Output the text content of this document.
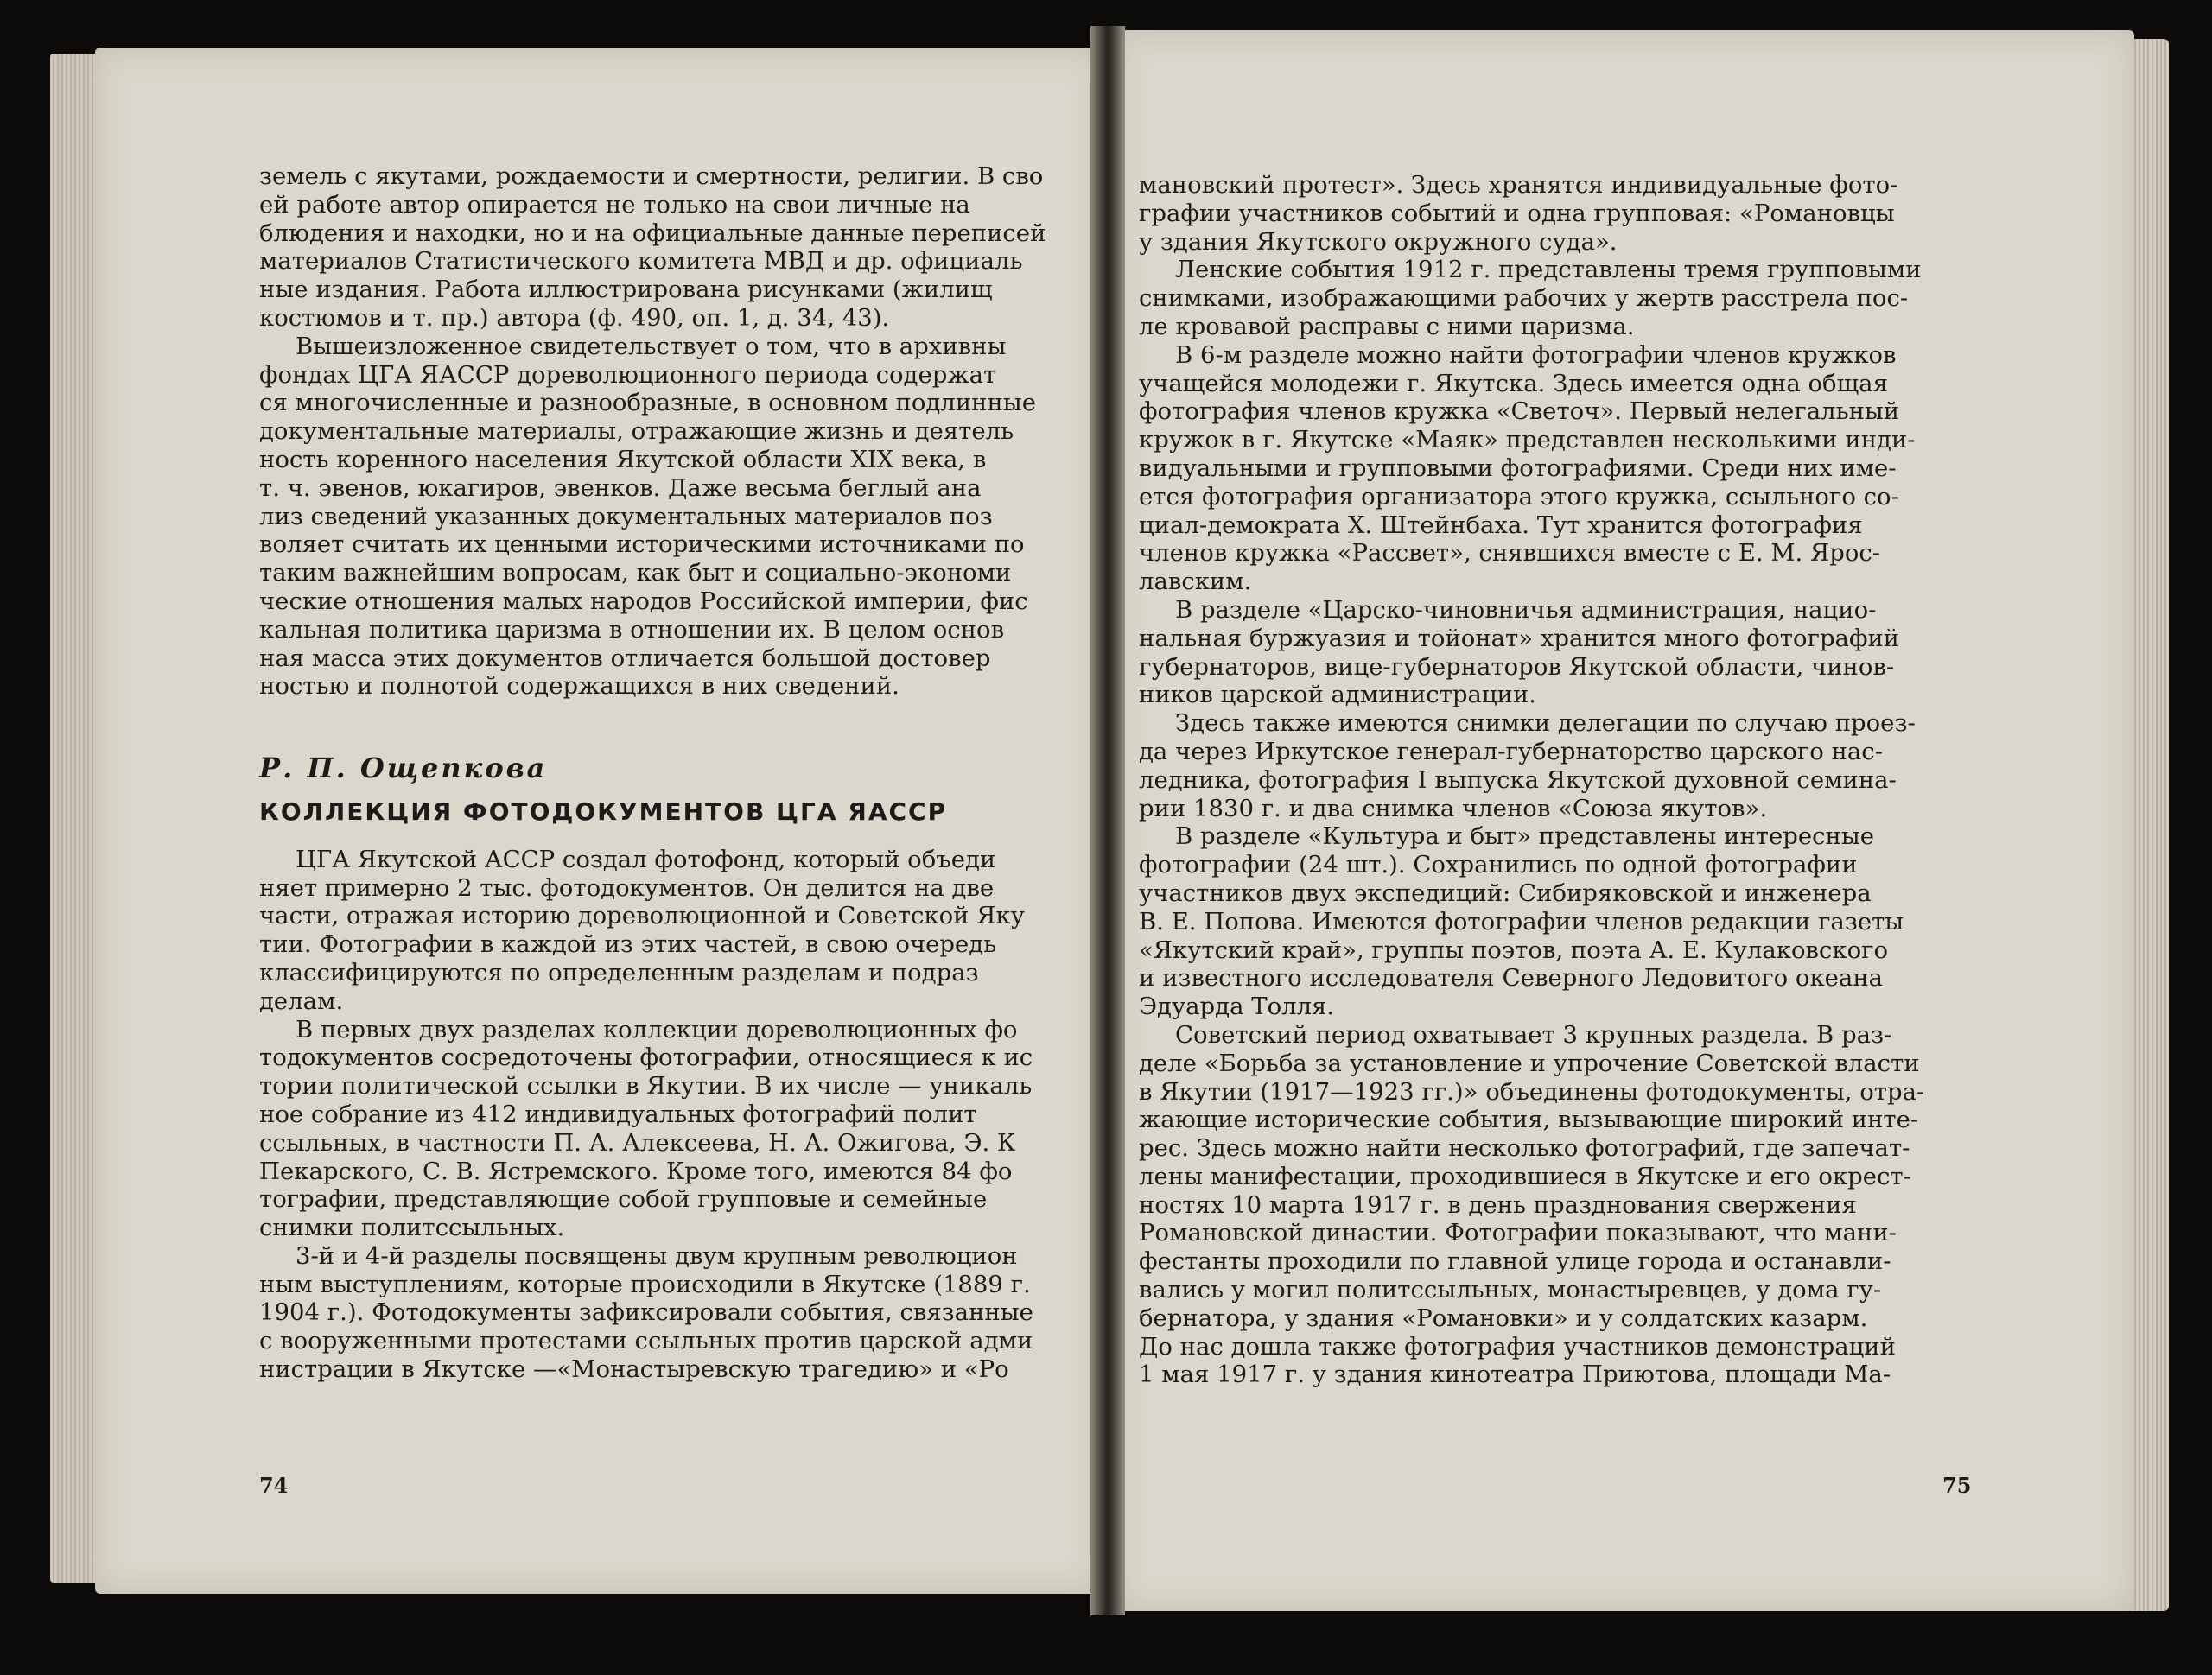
земель с якутами, рождаемости и смертности, религии. В сво
ей работе автор опирается не только на свои личные на
блюдения и находки, но и на официальные данные переписей
материалов Статистического комитета МВД и др. официаль
ные издания. Работа иллюстрирована рисунками (жилищ
костюмов и т. пр.) автора (ф. 490, оп. 1, д. 34, 43).
Вышеизложенное свидетельствует о том, что в архивны
фондах ЦГА ЯАССР дореволюционного периода содержат
ся многочисленные и разнообразные, в основном подлинные
документальные материалы, отражающие жизнь и деятель
ность коренного населения Якутской области XIX века, в
т. ч. эвенов, юкагиров, эвенков. Даже весьма беглый ана
лиз сведений указанных документальных материалов поз
воляет считать их ценными историческими источниками по
таким важнейшим вопросам, как быт и социально-экономи
ческие отношения малых народов Российской империи, фис
кальная политика царизма в отношении их. В целом основ
ная масса этих документов отличается большой достовер
ностью и полнотой содержащихся в них сведений.
Р. П. Ощепкова
КОЛЛЕКЦИЯ ФОТОДОКУМЕНТОВ ЦГА ЯАССР
ЦГА Якутской АССР создал фотофонд, который объеди
няет примерно 2 тыс. фотодокументов. Он делится на две
части, отражая историю дореволюционной и Советской Яку
тии. Фотографии в каждой из этих частей, в свою очередь
классифицируются по определенным разделам и подраз
делам.
В первых двух разделах коллекции дореволюционных фо
тодокументов сосредоточены фотографии, относящиеся к ис
тории политической ссылки в Якутии. В их числе — уникаль
ное собрание из 412 индивидуальных фотографий полит
ссыльных, в частности П. А. Алексеева, Н. А. Ожигова, Э. К
Пекарского, С. В. Ястремского. Кроме того, имеются 84 фо
тографии, представляющие собой групповые и семейные
снимки политссыльных.
3-й и 4-й разделы посвящены двум крупным революцион
ным выступлениям, которые происходили в Якутске (1889 г.
1904 г.). Фотодокументы зафиксировали события, связанные
с вооруженными протестами ссыльных против царской адми
нистрации в Якутске —«Монастыревскую трагедию» и «Ро
74
мановский протест». Здесь хранятся индивидуальные фото-
графии участников событий и одна групповая: «Романовцы
у здания Якутского окружного суда».
Ленские события 1912 г. представлены тремя групповыми
снимками, изображающими рабочих у жертв расстрела пос-
ле кровавой расправы с ними царизма.
В 6-м разделе можно найти фотографии членов кружков
учащейся молодежи г. Якутска. Здесь имеется одна общая
фотография членов кружка «Светоч». Первый нелегальный
кружок в г. Якутске «Маяк» представлен несколькими инди-
видуальными и групповыми фотографиями. Среди них име-
ется фотография организатора этого кружка, ссыльного со-
циал-демократа Х. Штейнбаха. Тут хранится фотография
членов кружка «Рассвет», снявшихся вместе с Е. М. Ярос-
лавским.
В разделе «Царско-чиновничья администрация, нацио-
нальная буржуазия и тойонат» хранится много фотографий
губернаторов, вице-губернаторов Якутской области, чинов-
ников царской администрации.
Здесь также имеются снимки делегации по случаю проез-
да через Иркутское генерал-губернаторство царского нас-
ледника, фотография I выпуска Якутской духовной семина-
рии 1830 г. и два снимка членов «Союза якутов».
В разделе «Культура и быт» представлены интересные
фотографии (24 шт.). Сохранились по одной фотографии
участников двух экспедиций: Сибиряковской и инженера
В. Е. Попова. Имеются фотографии членов редакции газеты
«Якутский край», группы поэтов, поэта А. Е. Кулаковского
и известного исследователя Северного Ледовитого океана
Эдуарда Толля.
Советский период охватывает 3 крупных раздела. В раз-
деле «Борьба за установление и упрочение Советской власти
в Якутии (1917—1923 гг.)» объединены фотодокументы, отра-
жающие исторические события, вызывающие широкий инте-
рес. Здесь можно найти несколько фотографий, где запечат-
лены манифестации, проходившиеся в Якутске и его окрест-
ностях 10 марта 1917 г. в день празднования свержения
Романовской династии. Фотографии показывают, что мани-
фестанты проходили по главной улице города и останавли-
вались у могил политссыльных, монастыревцев, у дома гу-
бернатора, у здания «Романовки» и у солдатских казарм.
До нас дошла также фотография участников демонстраций
1 мая 1917 г. у здания кинотеатра Приютова, площади Ма-
75
